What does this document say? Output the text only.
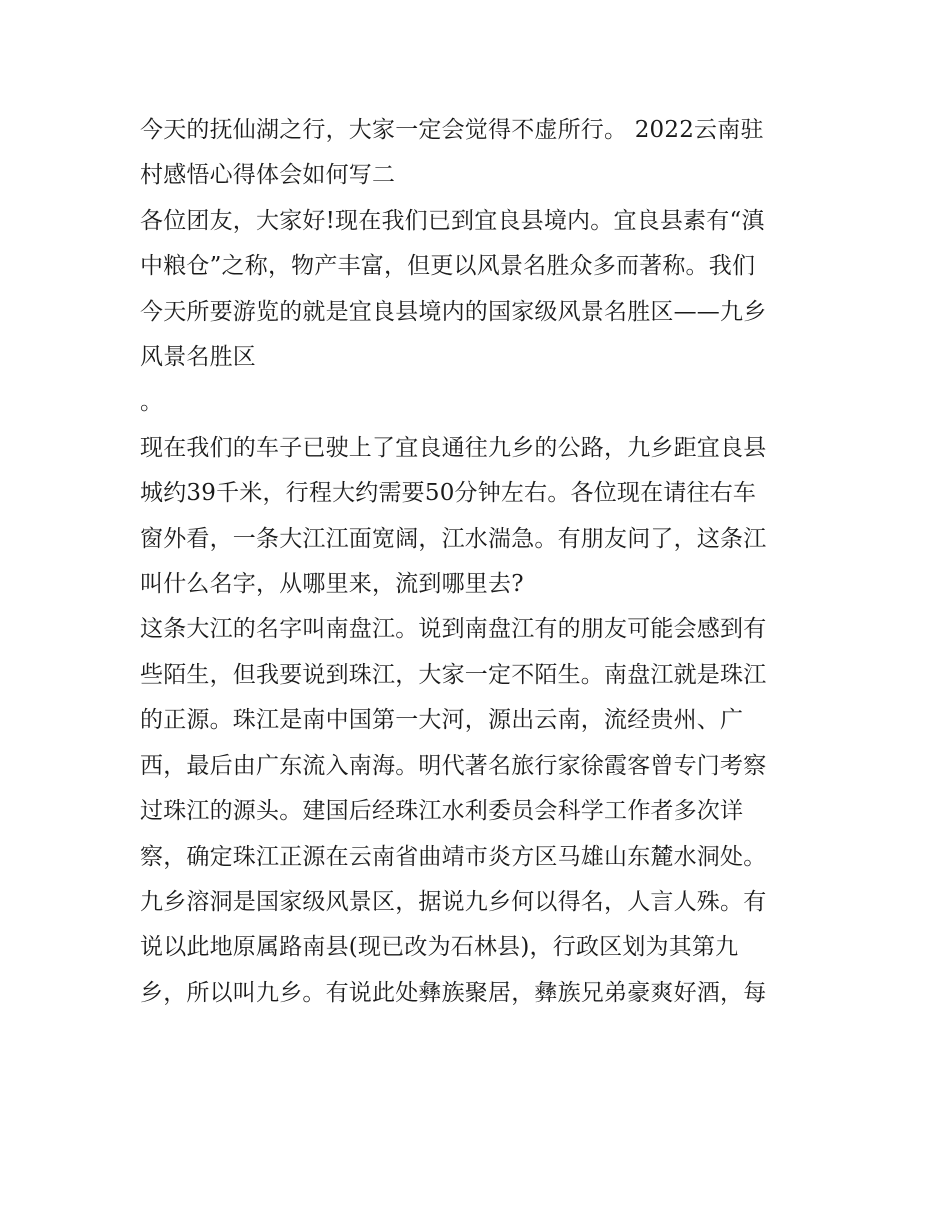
今天的抚仙湖之行，大家一定会觉得不虚所行。 2022云南驻
村感悟心得体会如何写二

各位团友，大家好!现在我们已到宜良县境内。宜良县素有“滇
中粮仓”之称，物产丰富，但更以风景名胜众多而著称。我们
今天所要游览的就是宜良县境内的国家级风景名胜区——九乡
风景名胜区
。

现在我们的车子已驶上了宜良通往九乡的公路，九乡距宜良县
城约39千米，行程大约需要50分钟左右。各位现在请往右车
窗外看，一条大江江面宽阔，江水湍急。有朋友问了，这条江
叫什么名字，从哪里来，流到哪里去?

这条大江的名字叫南盘江。说到南盘江有的朋友可能会感到有
些陌生，但我要说到珠江，大家一定不陌生。南盘江就是珠江
的正源。珠江是南中国第一大河，源出云南，流经贵州、广
西，最后由广东流入南海。明代著名旅行家徐霞客曾专门考察
过珠江的源头。建国后经珠江水利委员会科学工作者多次详
察，确定珠江正源在云南省曲靖市炎方区马雄山东麓水洞处。

九乡溶洞是国家级风景区，据说九乡何以得名，人言人殊。有
说以此地原属路南县(现已改为石林县)，行政区划为其第九
乡，所以叫九乡。有说此处彝族聚居，彝族兄弟豪爽好酒，每
